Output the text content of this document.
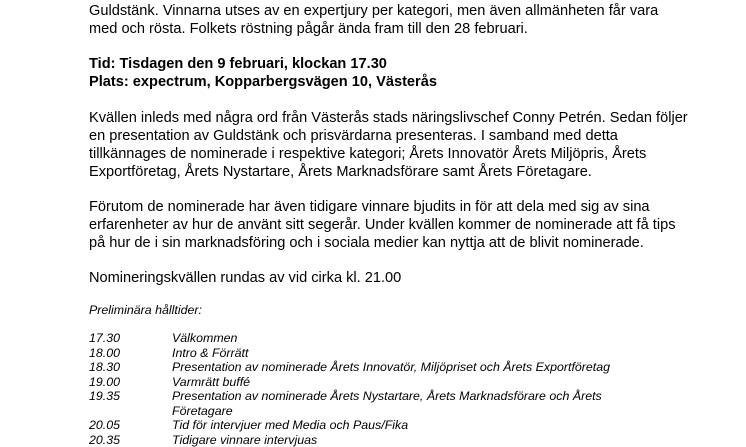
Guldstänk. Vinnarna utses av en expertjury per kategori, men även allmänheten får vara
med och rösta. Folkets röstning pågår ända fram till den 28 februari.
Tid: Tisdagen den 9 februari, klockan 17.30
Plats: expectrum, Kopparbergsvägen 10, Västerås
Kvällen inleds med några ord från Västerås stads näringslivschef Conny Petrén. Sedan följer
en presentation av Guldstänk och prisvärdarna presenteras. I samband med detta
tillkännages de nominerade i respektive kategori; Årets Innovatör Årets Miljöpris, Årets
Exportföretag, Årets Nystartare, Årets Marknadsförare samt Årets Företagare.
Förutom de nominerade har även tidigare vinnare bjudits in för att dela med sig av sina
erfarenheter av hur de använt sitt segerår. Under kvällen kommer de nominerade att få tips
på hur de i sin marknadsföring och i sociala medier kan nyttja att de blivit nominerade.
Nomineringskvällen rundas av vid cirka kl. 21.00
Preliminära hålltider:
17.30	Välkommen
18.00	Intro & Förrätt
18.30	Presentation av nominerade Årets Innovatör, Miljöpriset och Årets Exportföretag
19.00	Varmrätt buffé
19.35	Presentation av nominerade Årets Nystartare, Årets Marknadsförare och Årets
Företagare
20.05	Tid för intervjuer med Media och Paus/Fika
20.35	Tidigare vinnare intervjuas
